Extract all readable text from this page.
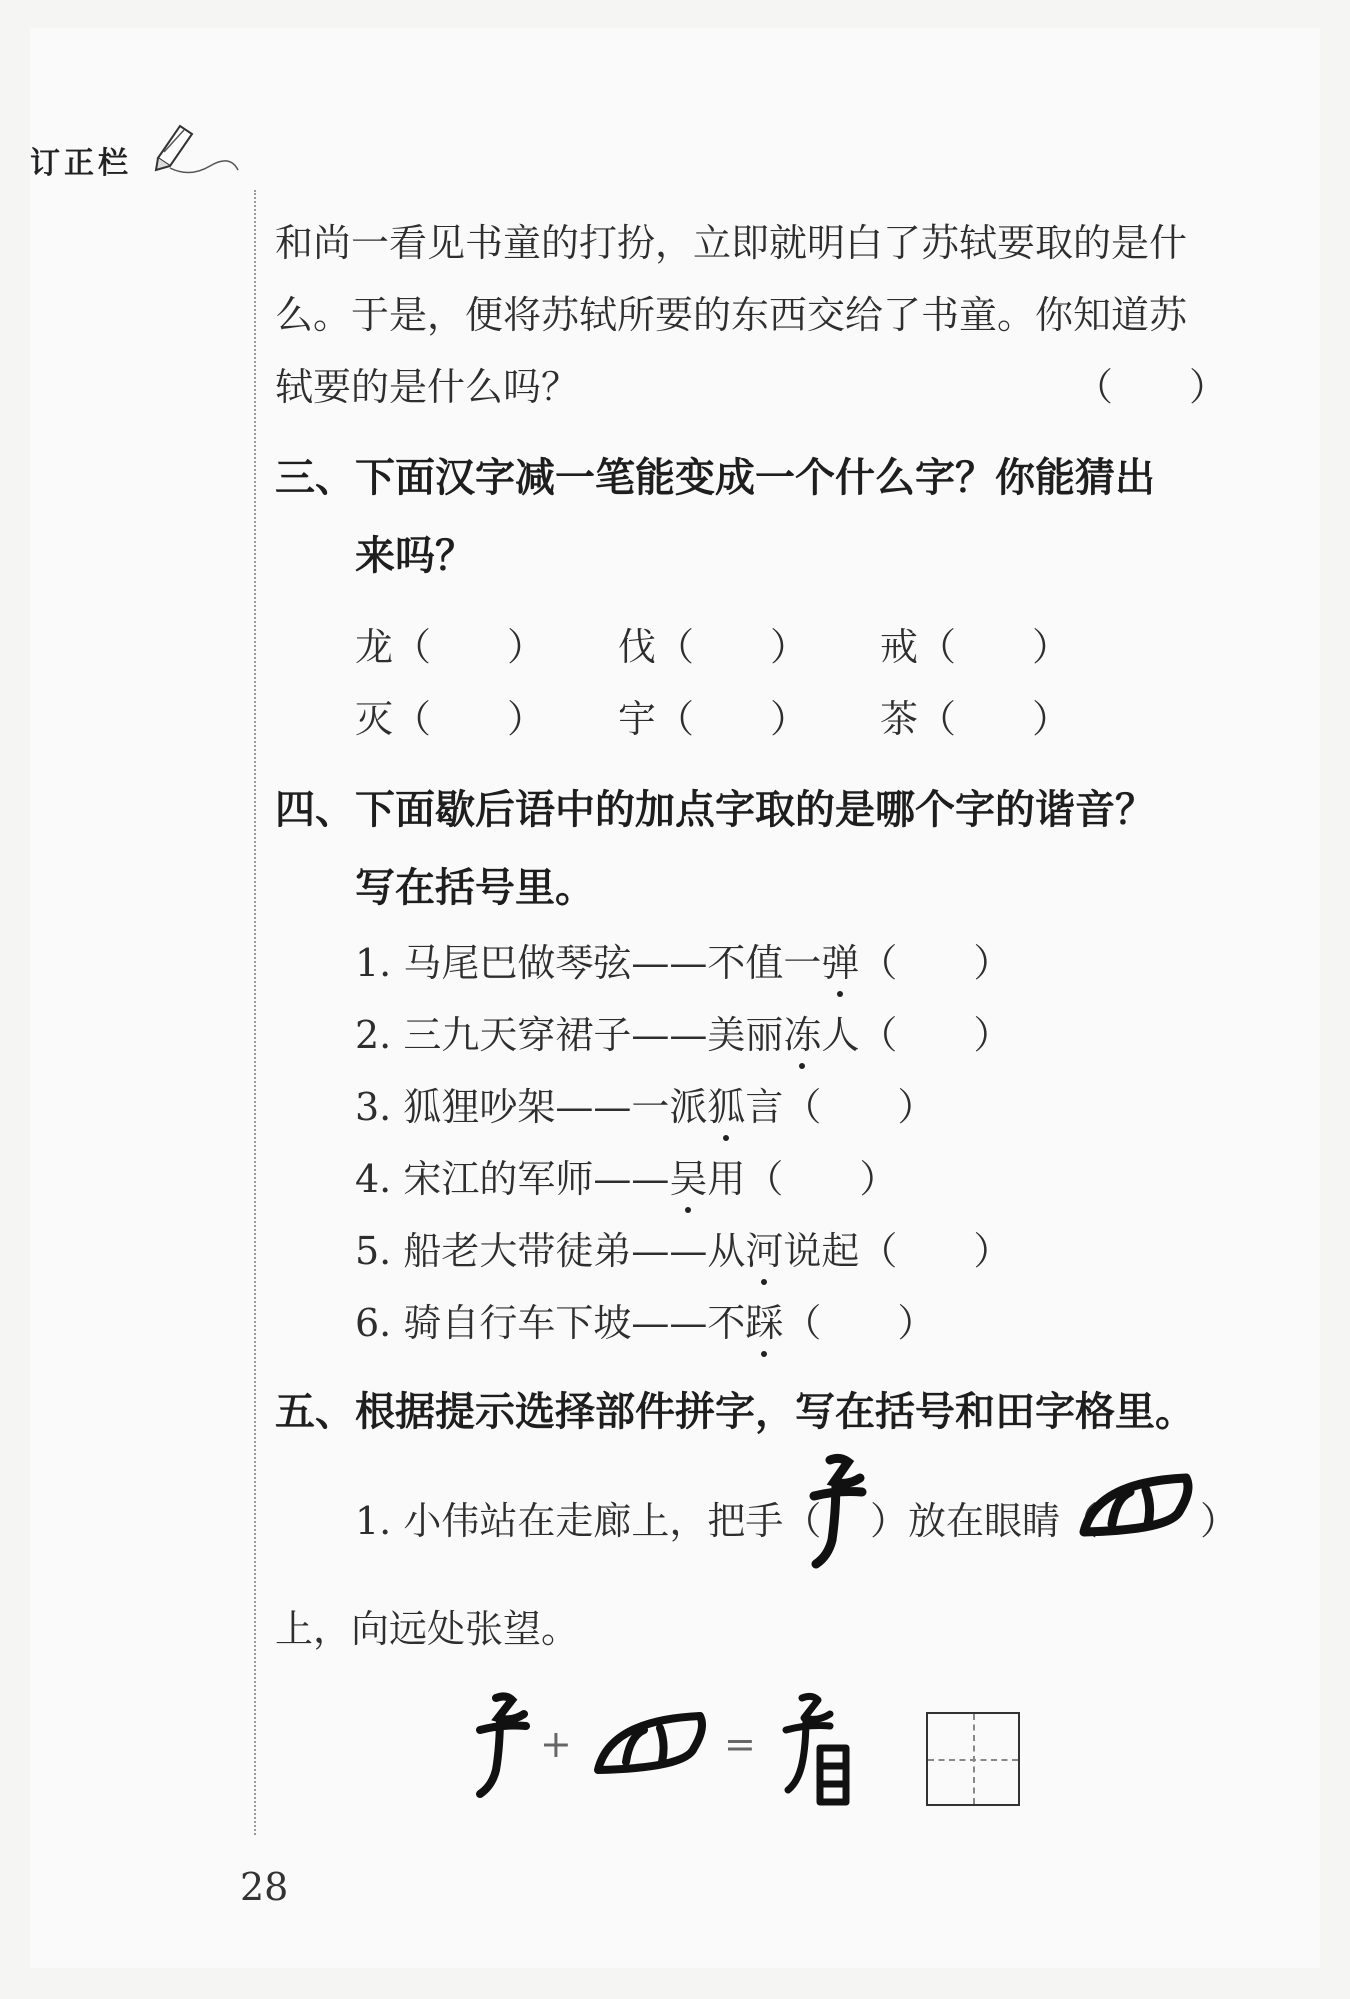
订正栏
和尚一看见书童的打扮，立即就明白了苏轼要取的是什
么。于是，便将苏轼所要的东西交给了书童。你知道苏
轼要的是什么吗？	（　　）
三、下面汉字减一笔能变成一个什么字？你能猜出
来吗？
龙（　　） 伐（　　） 戒（　　）
灭（　　） 宇（　　） 茶（　　）
四、下面歇后语中的加点字取的是哪个字的谐音？
写在括号里。
1. 马尾巴做琴弦——不值一弹（　　）
2. 三九天穿裙子——美丽冻人（　　）
3. 狐狸吵架——一派狐言（　　）
4. 宋江的军师——吴用（　　）
5. 船老大带徒弟——从河说起（　　）
6. 骑自行车下坡——不踩（　　）
五、根据提示选择部件拼字，写在括号和田字格里。
1. 小伟站在走廊上，把手（ ）放在眼睛（	）
上，向远处张望。
+	=
28
